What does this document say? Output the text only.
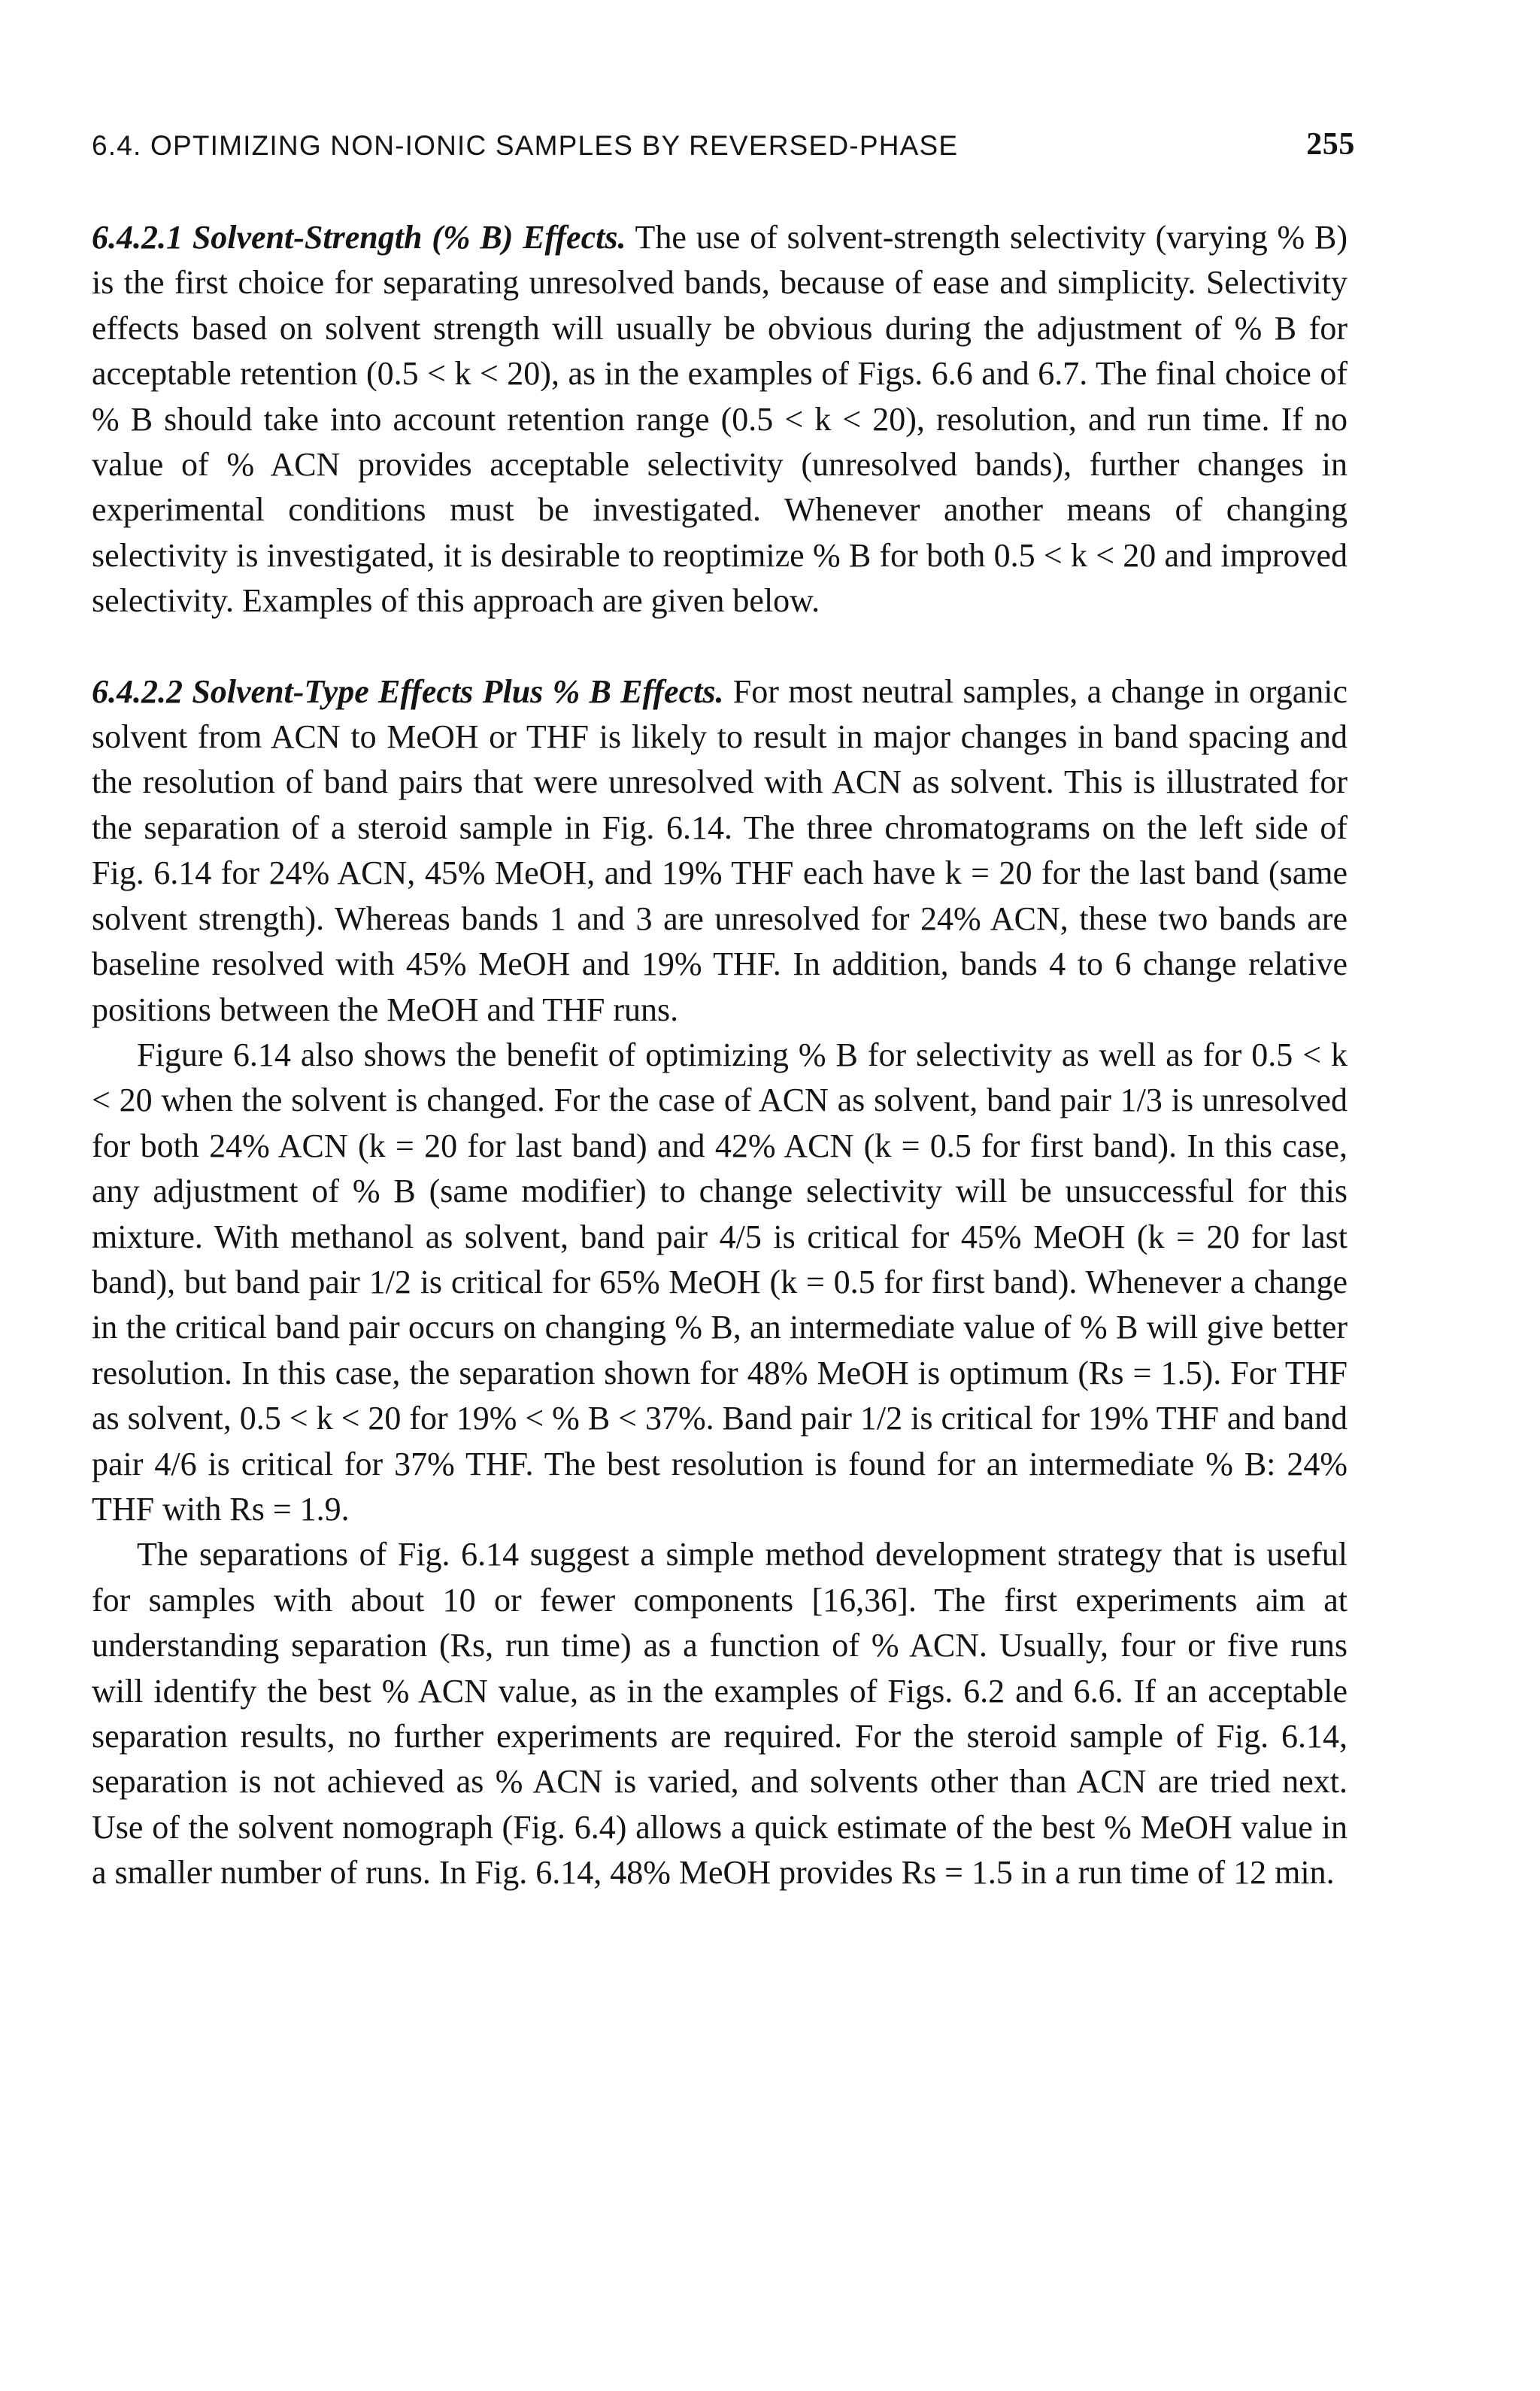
6.4. OPTIMIZING NON-IONIC SAMPLES BY REVERSED-PHASE	255

6.4.2.1 Solvent-Strength (% B) Effects. The use of solvent-strength selectivity (varying % B) is the first choice for separating unresolved bands, because of ease and simplicity. Selectivity effects based on solvent strength will usually be obvious during the adjustment of % B for acceptable retention (0.5 < k < 20), as in the examples of Figs. 6.6 and 6.7. The final choice of % B should take into account retention range (0.5 < k < 20), resolution, and run time. If no value of % ACN provides acceptable selectivity (unresolved bands), further changes in experimental conditions must be investigated. Whenever another means of changing selectivity is investigated, it is desirable to reoptimize % B for both 0.5 < k < 20 and improved selectivity. Examples of this approach are given below.

6.4.2.2 Solvent-Type Effects Plus % B Effects. For most neutral samples, a change in organic solvent from ACN to MeOH or THF is likely to result in major changes in band spacing and the resolution of band pairs that were unresolved with ACN as solvent. This is illustrated for the separation of a steroid sample in Fig. 6.14. The three chromatograms on the left side of Fig. 6.14 for 24% ACN, 45% MeOH, and 19% THF each have k = 20 for the last band (same solvent strength). Whereas bands 1 and 3 are unresolved for 24% ACN, these two bands are baseline resolved with 45% MeOH and 19% THF. In addition, bands 4 to 6 change relative positions between the MeOH and THF runs.

Figure 6.14 also shows the benefit of optimizing % B for selectivity as well as for 0.5 < k < 20 when the solvent is changed. For the case of ACN as solvent, band pair 1/3 is unresolved for both 24% ACN (k = 20 for last band) and 42% ACN (k = 0.5 for first band). In this case, any adjustment of % B (same modifier) to change selectivity will be unsuccessful for this mixture. With methanol as solvent, band pair 4/5 is critical for 45% MeOH (k = 20 for last band), but band pair 1/2 is critical for 65% MeOH (k = 0.5 for first band). Whenever a change in the critical band pair occurs on changing % B, an intermediate value of % B will give better resolution. In this case, the separation shown for 48% MeOH is optimum (Rs = 1.5). For THF as solvent, 0.5 < k < 20 for 19% < % B < 37%. Band pair 1/2 is critical for 19% THF and band pair 4/6 is critical for 37% THF. The best resolution is found for an intermediate % B: 24% THF with Rs = 1.9.

The separations of Fig. 6.14 suggest a simple method development strategy that is useful for samples with about 10 or fewer components [16,36]. The first experiments aim at understanding separation (Rs, run time) as a function of % ACN. Usually, four or five runs will identify the best % ACN value, as in the examples of Figs. 6.2 and 6.6. If an acceptable separation results, no further experiments are required. For the steroid sample of Fig. 6.14, separation is not achieved as % ACN is varied, and solvents other than ACN are tried next. Use of the solvent nomograph (Fig. 6.4) allows a quick estimate of the best % MeOH value in a smaller number of runs. In Fig. 6.14, 48% MeOH provides Rs = 1.5 in a run time of 12 min.
